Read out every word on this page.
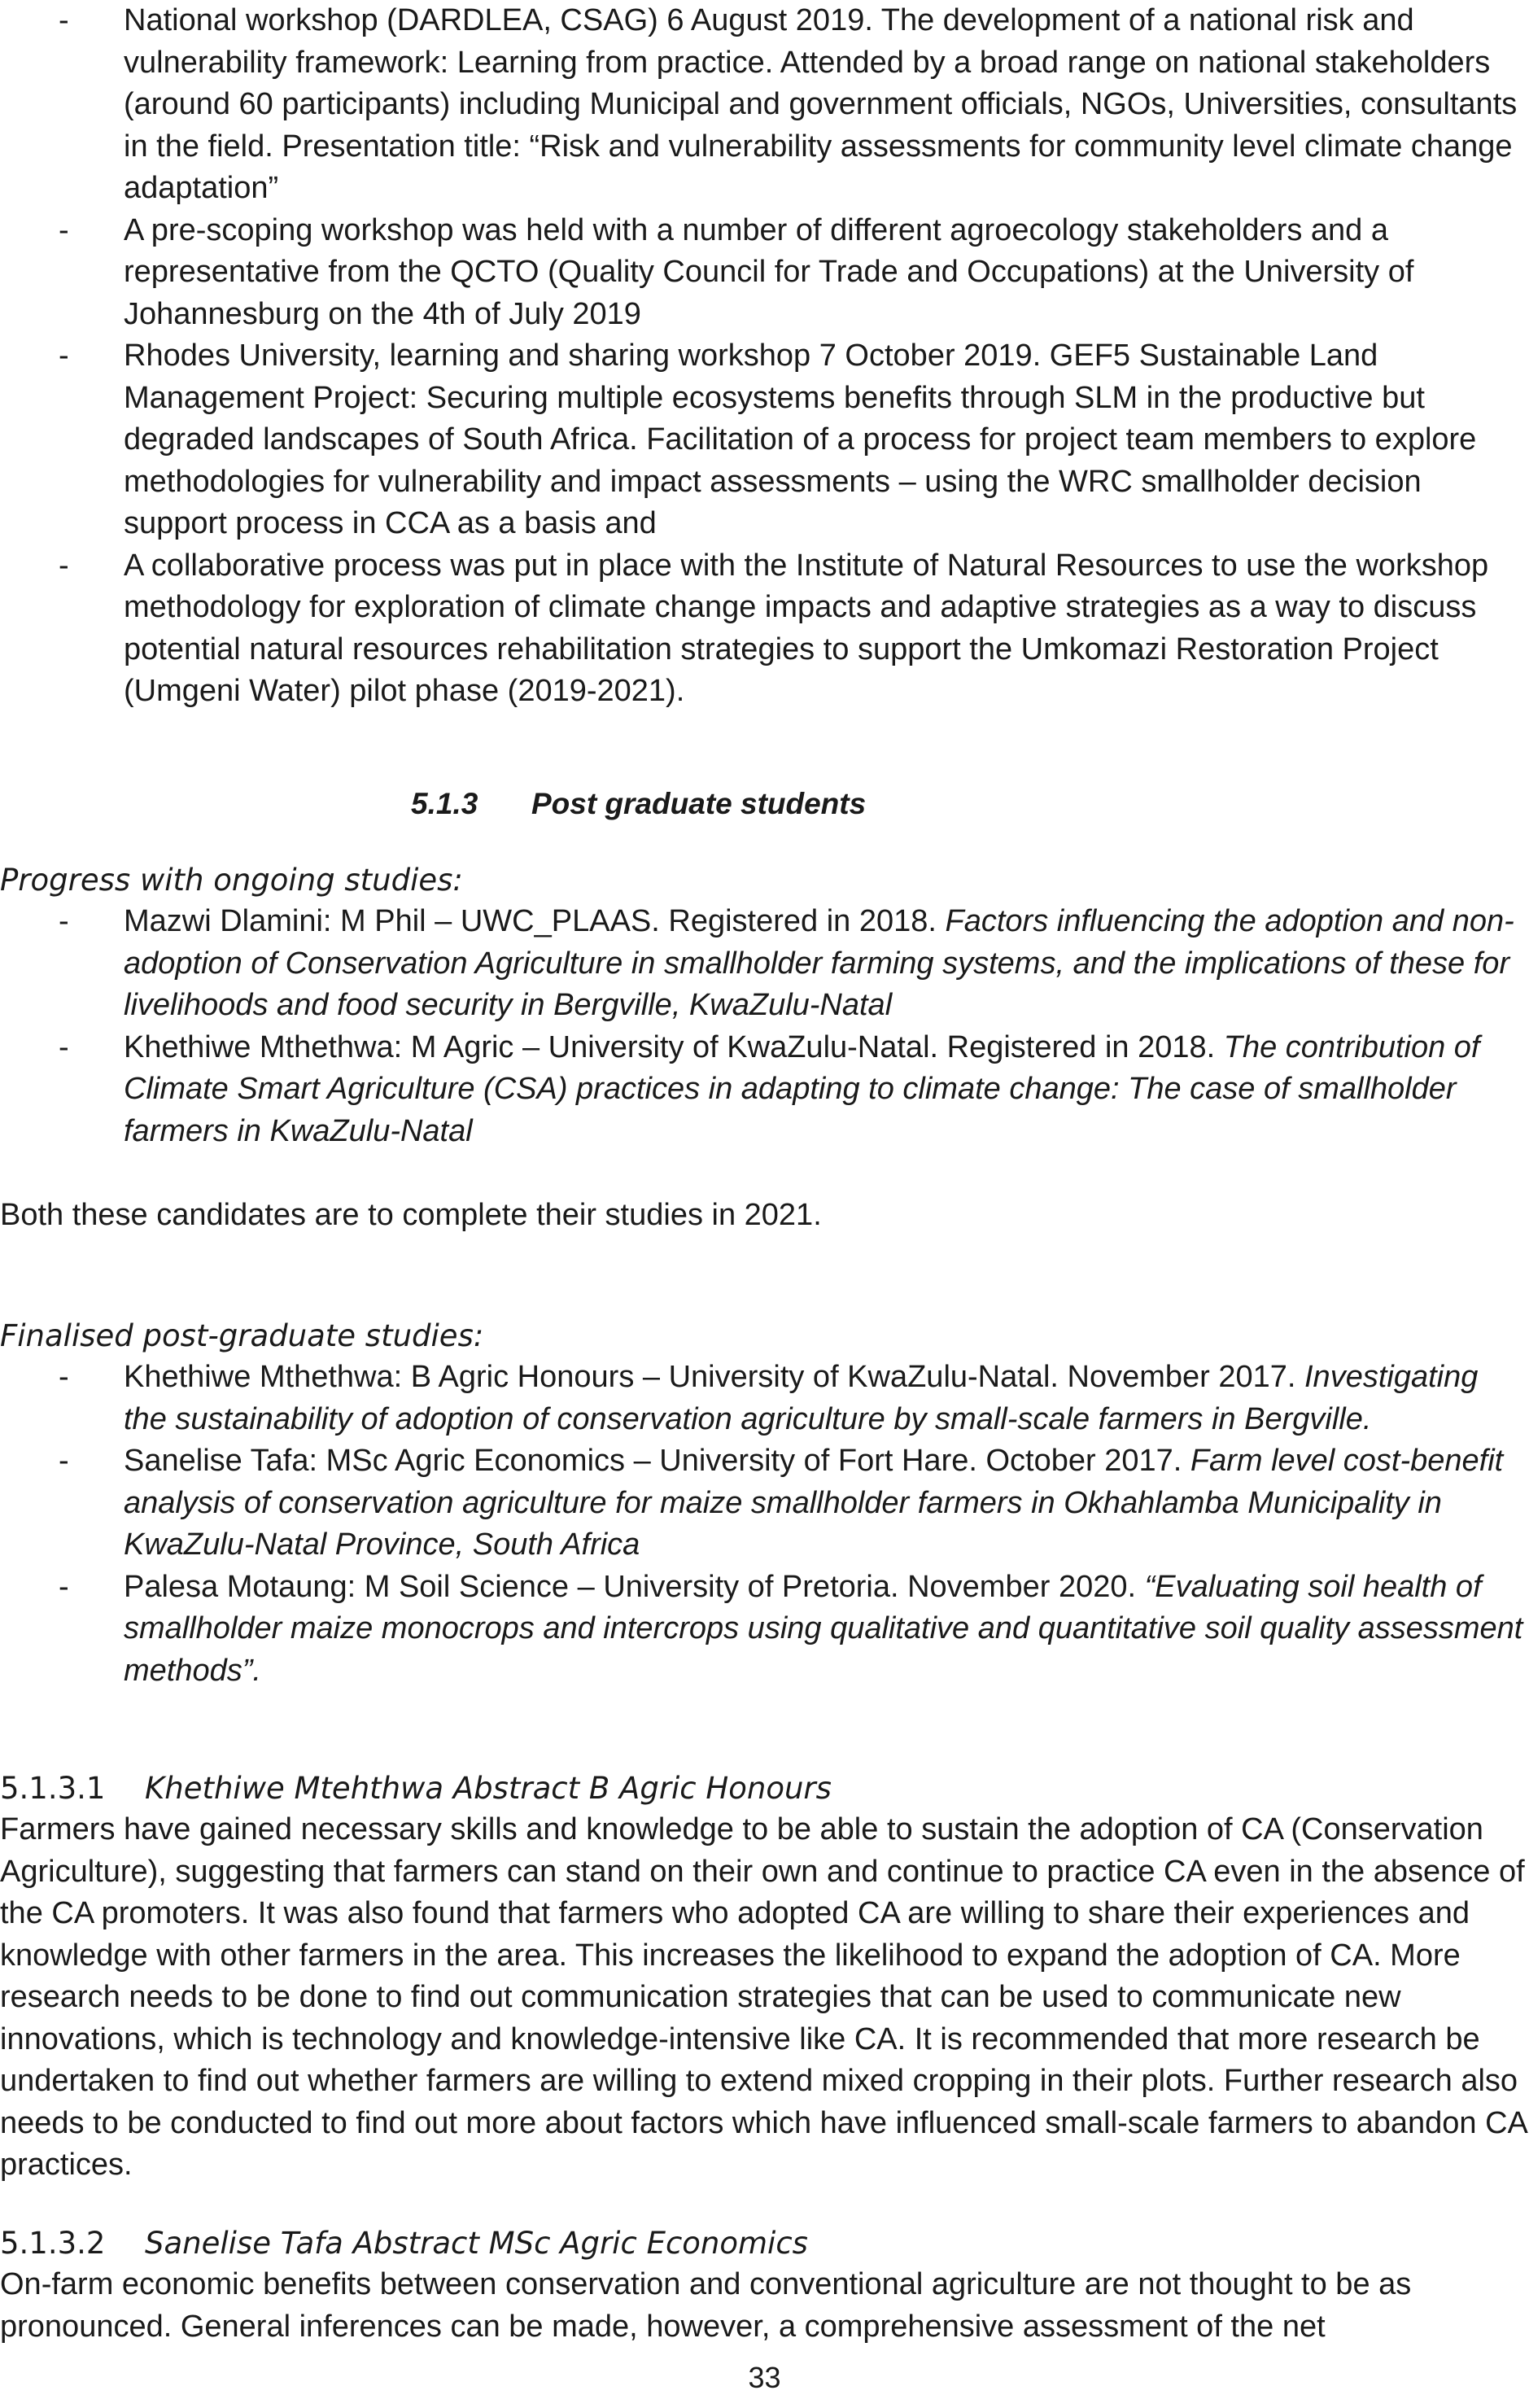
- National workshop (DARDLEA, CSAG) 6 August 2019. The development of a national risk and vulnerability framework: Learning from practice. Attended by a broad range on national stakeholders (around 60 participants) including Municipal and government officials, NGOs, Universities, consultants in the field. Presentation title: “Risk and vulnerability assessments for community level climate change adaptation”
- A pre-scoping workshop was held with a number of different agroecology stakeholders and a representative from the QCTO (Quality Council for Trade and Occupations) at the University of Johannesburg on the 4th of July 2019
- Rhodes University, learning and sharing workshop 7 October 2019. GEF5 Sustainable Land Management Project: Securing multiple ecosystems benefits through SLM in the productive but degraded landscapes of South Africa. Facilitation of a process for project team members to explore methodologies for vulnerability and impact assessments – using the WRC smallholder decision support process in CCA as a basis and
- A collaborative process was put in place with the Institute of Natural Resources to use the workshop methodology for exploration of climate change impacts and adaptive strategies as a way to discuss potential natural resources rehabilitation strategies to support the Umkomazi Restoration Project (Umgeni Water) pilot phase (2019-2021).
5.1.3 Post graduate students
Progress with ongoing studies:
- Mazwi Dlamini: M Phil – UWC_PLAAS. Registered in 2018. Factors influencing the adoption and non-adoption of Conservation Agriculture in smallholder farming systems, and the implications of these for livelihoods and food security in Bergville, KwaZulu-Natal
- Khethiwe Mthethwa: M Agric – University of KwaZulu-Natal. Registered in 2018. The contribution of Climate Smart Agriculture (CSA) practices in adapting to climate change: The case of smallholder farmers in KwaZulu-Natal

Both these candidates are to complete their studies in 2021.

Finalised post-graduate studies:
- Khethiwe Mthethwa: B Agric Honours – University of KwaZulu-Natal. November 2017. Investigating the sustainability of adoption of conservation agriculture by small-scale farmers in Bergville.
- Sanelise Tafa: MSc Agric Economics – University of Fort Hare. October 2017. Farm level cost-benefit analysis of conservation agriculture for maize smallholder farmers in Okhahlamba Municipality in KwaZulu-Natal Province, South Africa
- Palesa Motaung: M Soil Science – University of Pretoria. November 2020. “Evaluating soil health of smallholder maize monocrops and intercrops using qualitative and quantitative soil quality assessment methods”.
5.1.3.1 Khethiwe Mtehthwa Abstract B Agric Honours

Farmers have gained necessary skills and knowledge to be able to sustain the adoption of CA (Conservation Agriculture), suggesting that farmers can stand on their own and continue to practice CA even in the absence of the CA promoters. It was also found that farmers who adopted CA are willing to share their experiences and knowledge with other farmers in the area. This increases the likelihood to expand the adoption of CA. More research needs to be done to find out communication strategies that can be used to communicate new innovations, which is technology and knowledge-intensive like CA. It is recommended that more research be undertaken to find out whether farmers are willing to extend mixed cropping in their plots. Further research also needs to be conducted to find out more about factors which have influenced small-scale farmers to abandon CA practices.

5.1.3.2 Sanelise Tafa Abstract MSc Agric Economics

On-farm economic benefits between conservation and conventional agriculture are not thought to be as pronounced. General inferences can be made, however, a comprehensive assessment of the net

33
